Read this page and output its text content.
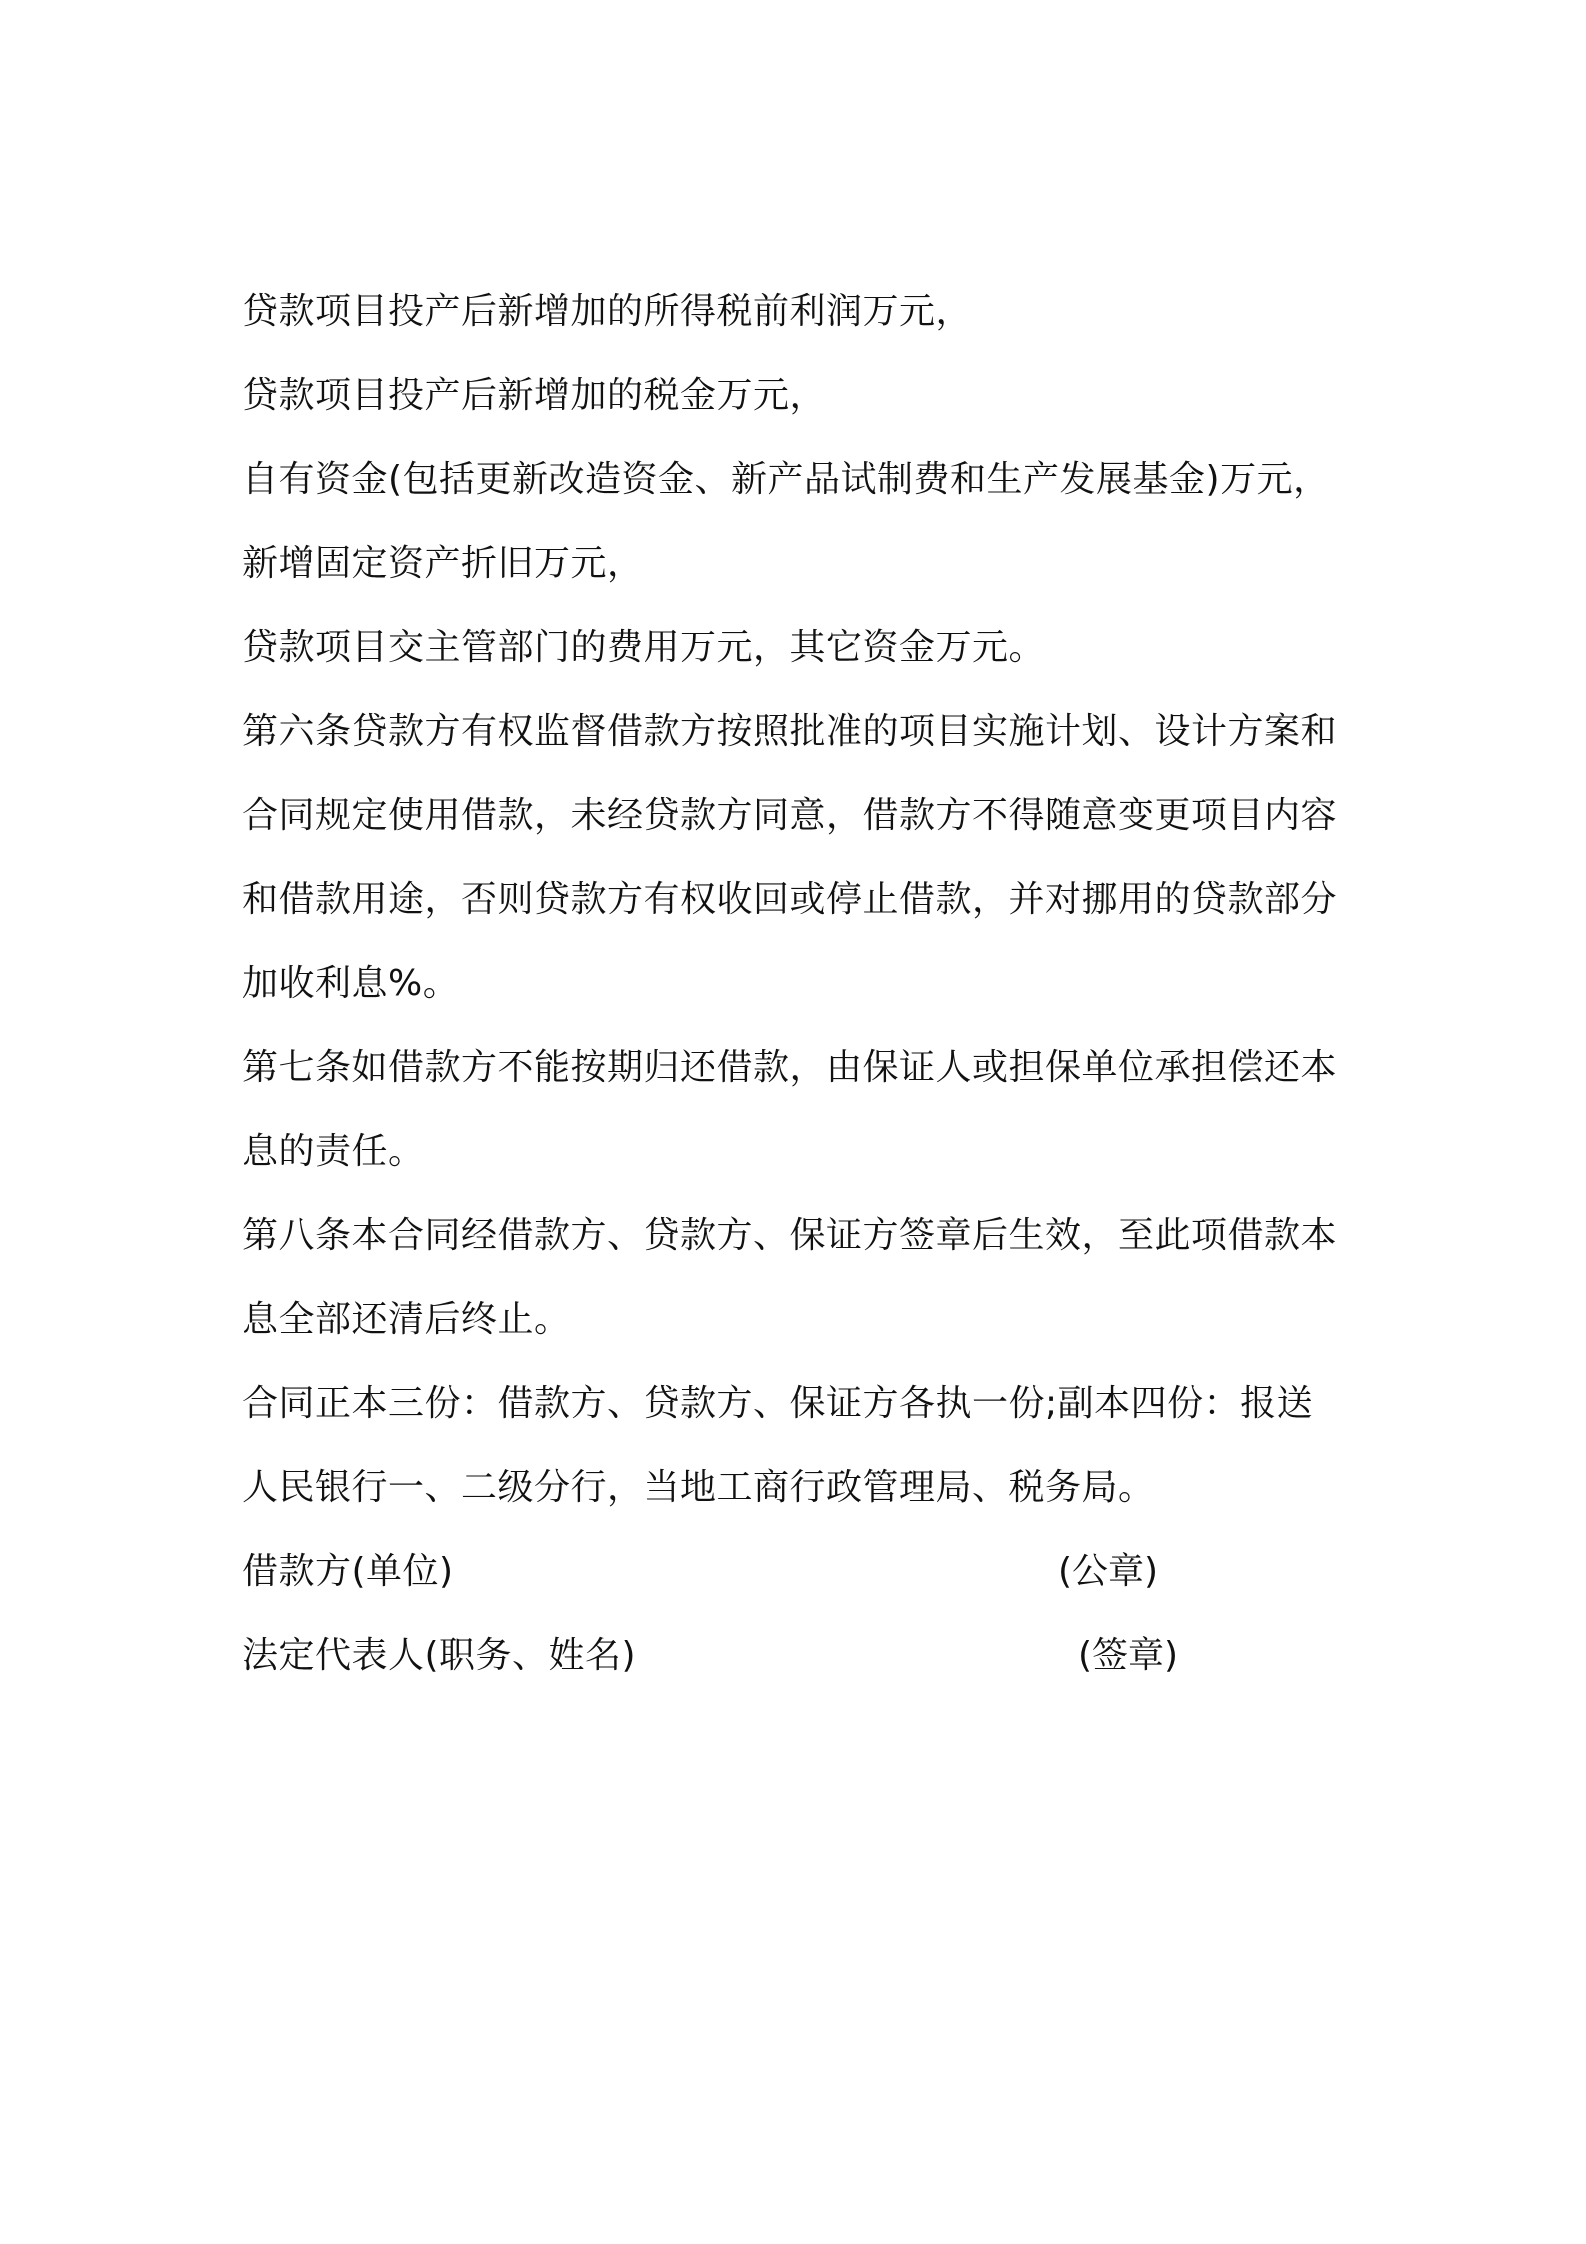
贷款项目投产后新增加的所得税前利润万元，
贷款项目投产后新增加的税金万元，
自有资金(包括更新改造资金、新产品试制费和生产发展基金)万元，
新增固定资产折旧万元，
贷款项目交主管部门的费用万元，其它资金万元。
第六条贷款方有权监督借款方按照批准的项目实施计划、设计方案和
合同规定使用借款，未经贷款方同意，借款方不得随意变更项目内容
和借款用途，否则贷款方有权收回或停止借款，并对挪用的贷款部分
加收利息%。
第七条如借款方不能按期归还借款，由保证人或担保单位承担偿还本
息的责任。
第八条本合同经借款方、贷款方、保证方签章后生效，至此项借款本
息全部还清后终止。
合同正本三份：借款方、贷款方、保证方各执一份;副本四份：报送
人民银行一、二级分行，当地工商行政管理局、税务局。
借款方(单位)	(公章)
法定代表人(职务、姓名)	(签章)
